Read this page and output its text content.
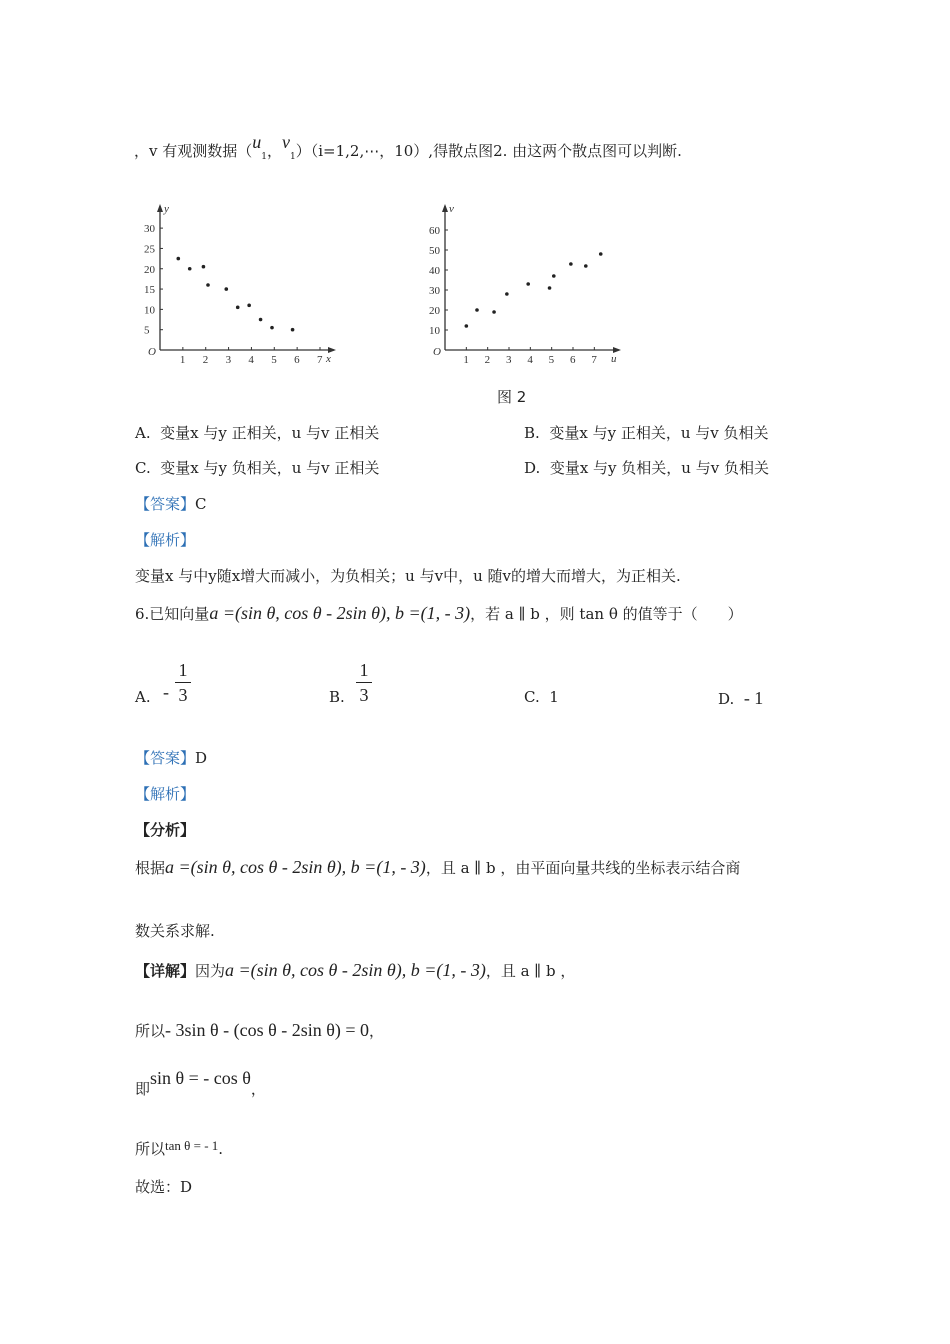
，v 有观测数据（$u_1$，$v_1)(i=1,2,\cdots$，10）,得散点图2. 由这两个散点图可以判断.
O
1 2 3 4 5 6 7
5
10
15
20
25
30
y
x
O
1 2 3 4 5 6 7
10
20
30
40
50
60
v
u
图 2
A. 变量x 与y 正相关，u 与v 正相关	B. 变量x 与y 正相关，u 与v 负相关
C. 变量x 与y 负相关，u 与v 正相关	D. 变量x 与y 负相关，u 与v 负相关
【答案】C
【解析】
变量x 与中y随x增大而减小，为负相关；u 与v中，u 随v的增大而增大，为正相关.
6.已知向量a =(sin θ, cos θ - 2sin θ), b =(1, - 3)，若 a ∥ b ，则 tan θ 的值等于（　　）
A. -
1
3	B.
1
3	C. 1	D. - 1
【答案】D
【解析】
【分析】
根据a =(sin θ, cos θ - 2sin θ), b =(1, - 3)，且 a ∥ b ，由平面向量共线的坐标表示结合商
数关系求解.
【详解】因为a =(sin θ, cos θ - 2sin θ), b =(1, - 3)，且 a ∥ b ，
所以- 3sin θ - (cos θ - 2sin θ) = 0，
即sin θ = - cos θ，
所以tan θ = - 1.
故选：D
